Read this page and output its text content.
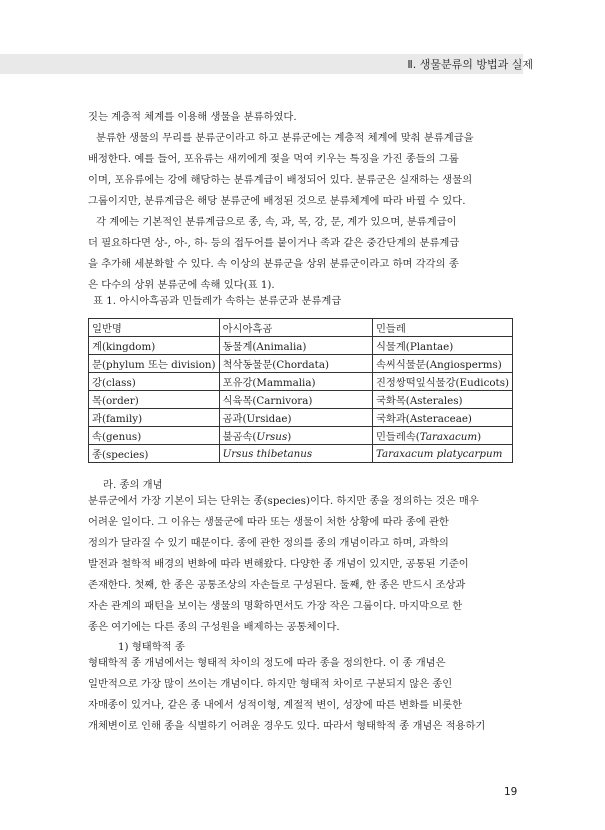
Ⅱ. 생물분류의 방법과 실제
짓는 계층적 체계를 이용해 생물을 분류하였다.
분류한 생물의 무리를 분류군이라고 하고 분류군에는 계층적 체계에 맞춰 분류계급을
배정한다. 예를 들어, 포유류는 새끼에게 젖을 먹여 키우는 특징을 가진 종들의 그룹
이며, 포유류에는 강에 해당하는 분류계급이 배정되어 있다. 분류군은 실재하는 생물의
그룹이지만, 분류계급은 해당 분류군에 배정된 것으로 분류체계에 따라 바뀔 수 있다.
각 계에는 기본적인 분류계급으로 종, 속, 과, 목, 강, 문, 계가 있으며, 분류계급이
더 필요하다면 상-, 아-, 하- 등의 접두어를 붙이거나 족과 같은 중간단계의 분류계급
을 추가해 세분화할 수 있다. 속 이상의 분류군을 상위 분류군이라고 하며 각각의 종
은 다수의 상위 분류군에 속해 있다(표 1).
표 1. 아시아흑곰과 민들레가 속하는 분류군과 분류계급
일반명	아시아흑곰	민들레
계(kingdom)	동물계(Animalia)	식물계(Plantae)
문(phylum 또는 division)	척삭동물문(Chordata)	속씨식물문(Angiosperms)
강(class)	포유강(Mammalia)	진정쌍떡잎식물강(Eudicots)
목(order)	식육목(Carnivora)	국화목(Asterales)
과(family)	곰과(Ursidae)	국화과(Asteraceae)
속(genus)	불곰속(Ursus)	민들레속(Taraxacum)
종(species)	Ursus thibetanus	Taraxacum platycarpum
라. 종의 개념
분류군에서 가장 기본이 되는 단위는 종(species)이다. 하지만 종을 정의하는 것은 매우
어려운 일이다. 그 이유는 생물군에 따라 또는 생물이 처한 상황에 따라 종에 관한
정의가 달라질 수 있기 때문이다. 종에 관한 정의를 종의 개념이라고 하며, 과학의
발전과 철학적 배경의 변화에 따라 변해왔다. 다양한 종 개념이 있지만, 공통된 기준이
존재한다. 첫째, 한 종은 공통조상의 자손들로 구성된다. 둘째, 한 종은 반드시 조상과
자손 관계의 패턴을 보이는 생물의 명확하면서도 가장 작은 그룹이다. 마지막으로 한
종은 여기에는 다른 종의 구성원을 배제하는 공통체이다.
1) 형태학적 종
형태학적 종 개념에서는 형태적 차이의 정도에 따라 종을 정의한다. 이 종 개념은
일반적으로 가장 많이 쓰이는 개념이다. 하지만 형태적 차이로 구분되지 않은 종인
자매종이 있거나, 같은 종 내에서 성적이형, 계절적 변이, 성장에 따른 변화를 비롯한
개체변이로 인해 종을 식별하기 어려운 경우도 있다. 따라서 형태학적 종 개념은 적용하기
19
